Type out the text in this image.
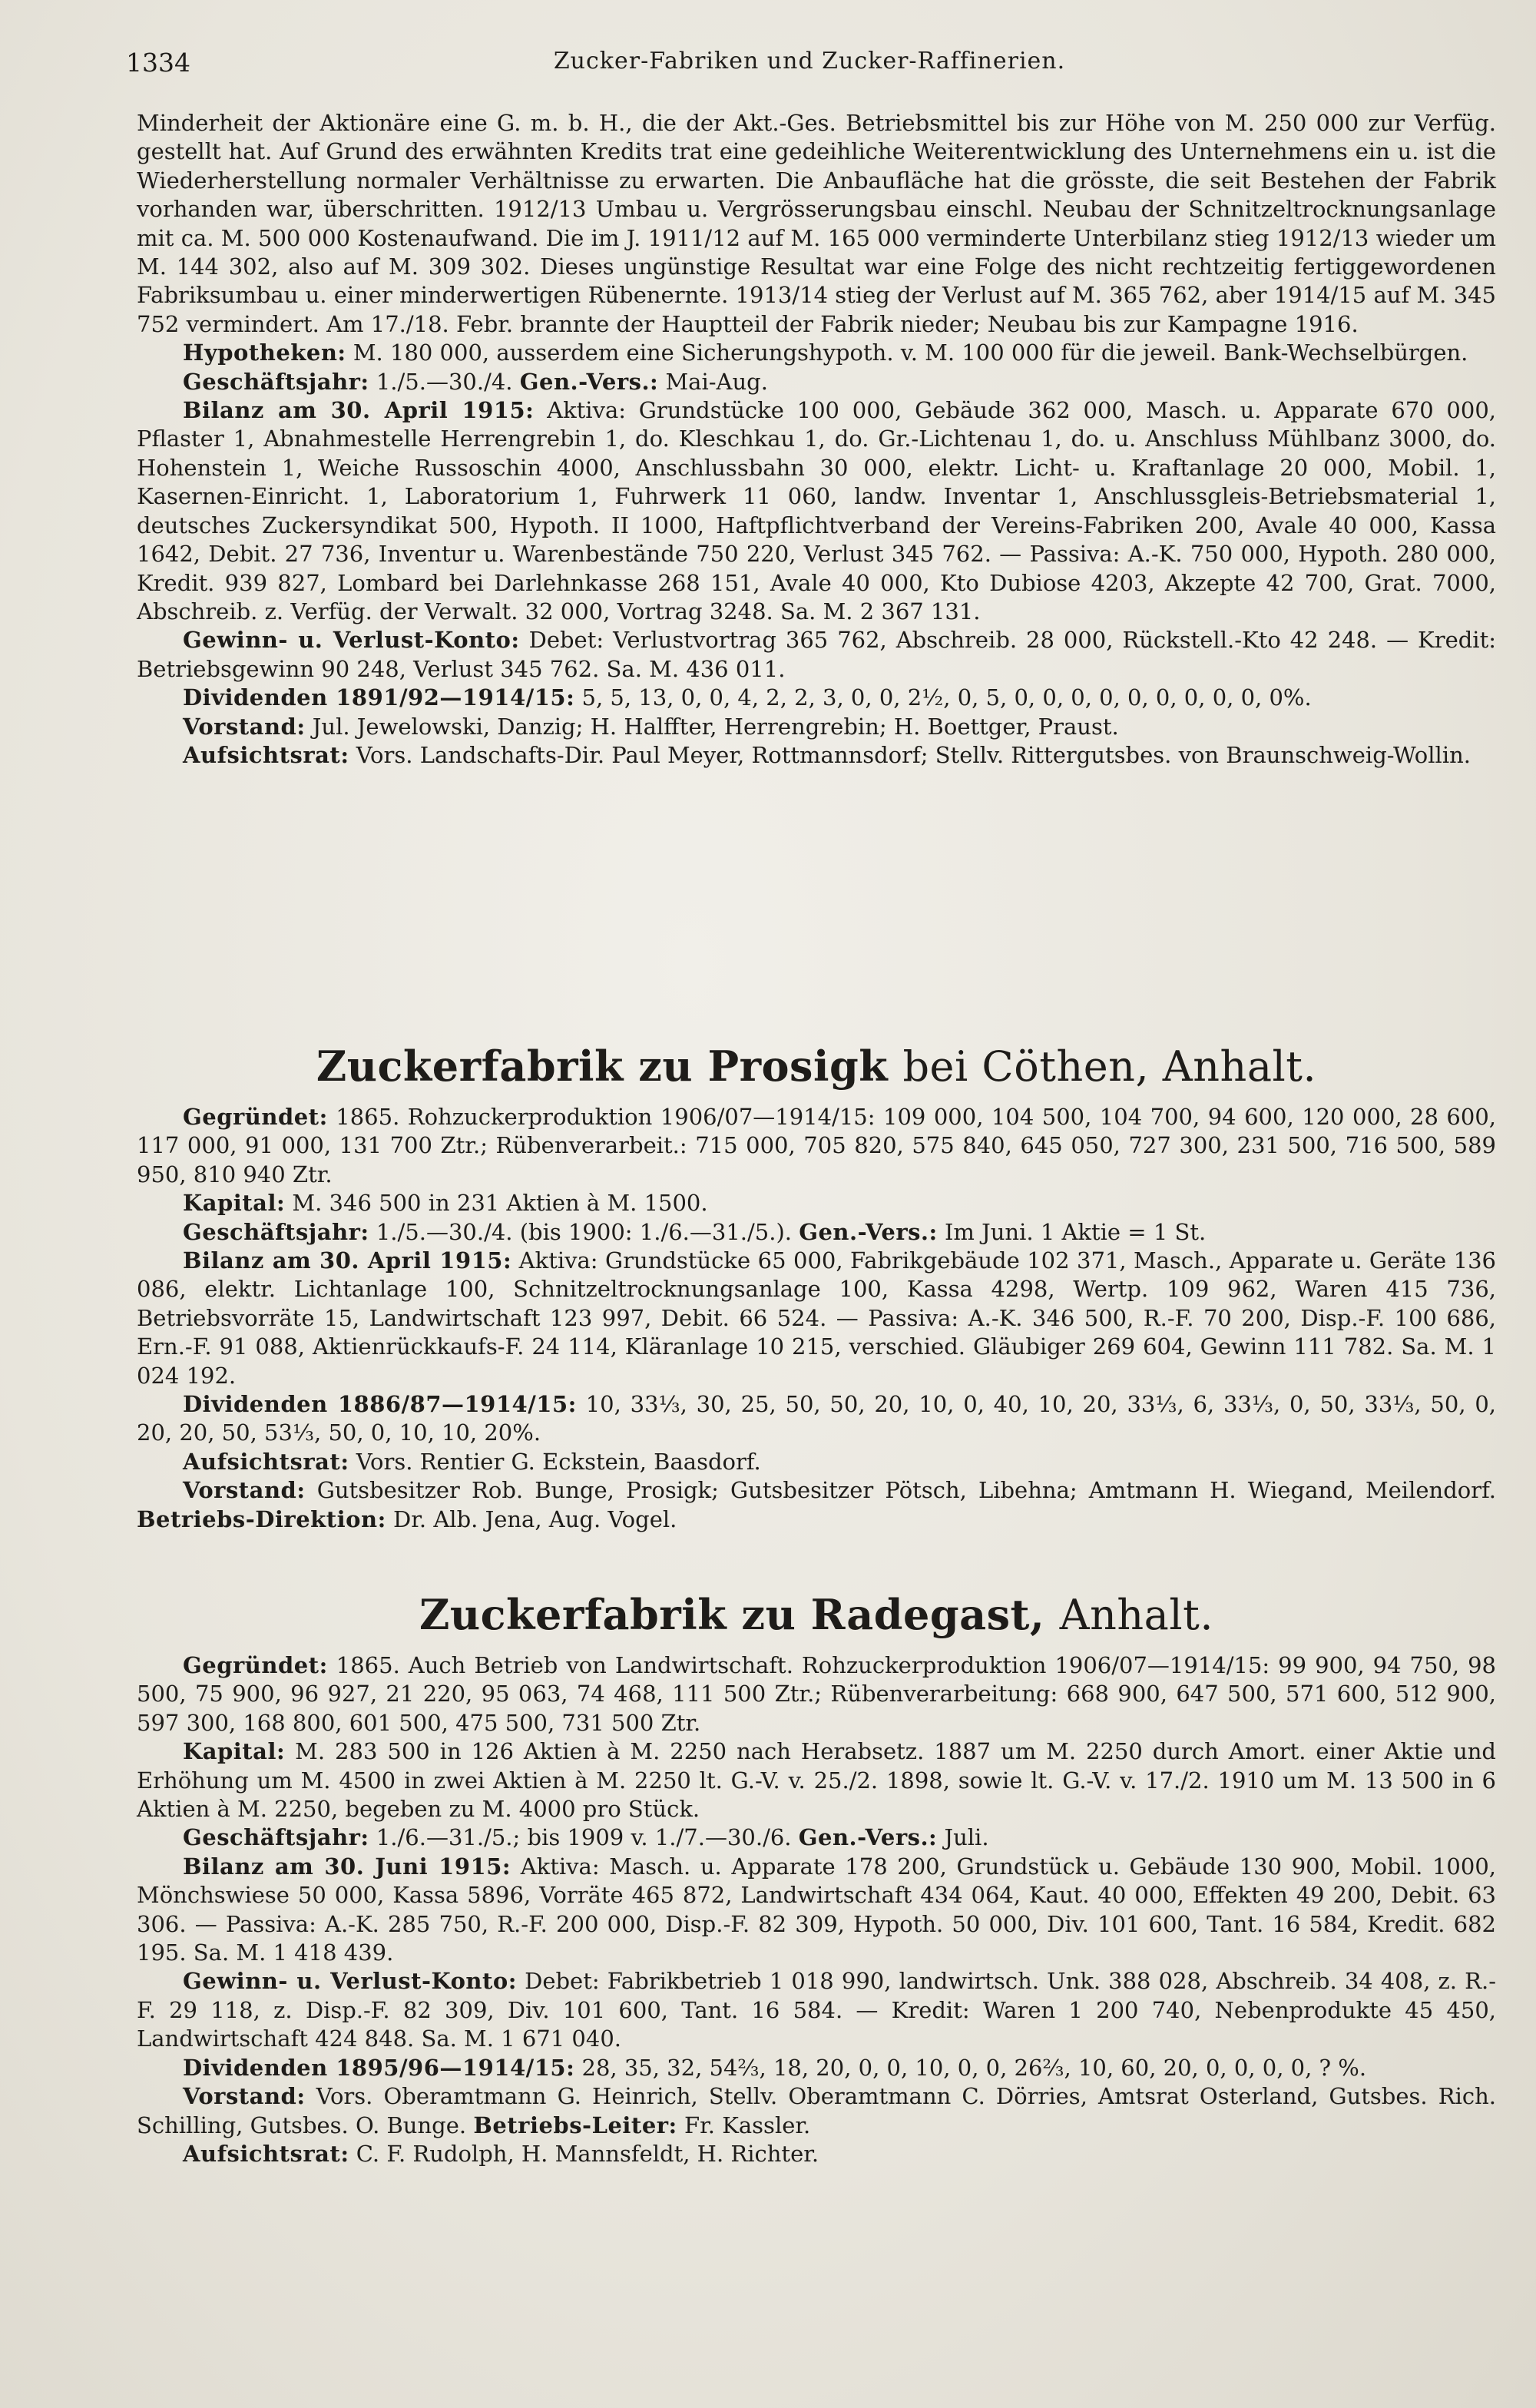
1334	Zucker-Fabriken und Zucker-Raffinerien.

Minderheit der Aktionäre eine G. m. b. H., die der Akt.-Ges. Betriebsmittel bis zur Höhe von M. 250 000 zur Verfüg. gestellt hat. Auf Grund des erwähnten Kredits trat eine gedeihliche Weiterentwicklung des Unternehmens ein u. ist die Wiederherstellung normaler Verhältnisse zu erwarten. Die Anbaufläche hat die grösste, die seit Bestehen der Fabrik vorhanden war, überschritten. 1912/13 Umbau u. Vergrösserungsbau einschl. Neubau der Schnitzeltrocknungsanlage mit ca. M. 500 000 Kostenaufwand. Die im J. 1911/12 auf M. 165 000 verminderte Unterbilanz stieg 1912/13 wieder um M. 144 302, also auf M. 309 302. Dieses ungünstige Resultat war eine Folge des nicht rechtzeitig fertiggewordenen Fabriksumbau u. einer minderwertigen Rübenernte. 1913/14 stieg der Verlust auf M. 365 762, aber 1914/15 auf M. 345 752 vermindert. Am 17./18. Febr. brannte der Hauptteil der Fabrik nieder; Neubau bis zur Kampagne 1916.

Hypotheken: M. 180 000, ausserdem eine Sicherungshypoth. v. M. 100 000 für die jeweil. Bank-Wechselbürgen.

Geschäftsjahr: 1./5.—30./4. Gen.-Vers.: Mai-Aug.

Bilanz am 30. April 1915: Aktiva: Grundstücke 100 000, Gebäude 362 000, Masch. u. Apparate 670 000, Pflaster 1, Abnahmestelle Herrengrebin 1, do. Kleschkau 1, do. Gr.-Lichtenau 1, do. u. Anschluss Mühlbanz 3000, do. Hohenstein 1, Weiche Russoschin 4000, Anschlussbahn 30 000, elektr. Licht- u. Kraftanlage 20 000, Mobil. 1, Kasernen-Einricht. 1, Laboratorium 1, Fuhrwerk 11 060, landw. Inventar 1, Anschlussgleis-Betriebsmaterial 1, deutsches Zuckersyndikat 500, Hypoth. II 1000, Haftpflichtverband der Vereins-Fabriken 200, Avale 40 000, Kassa 1642, Debit. 27 736, Inventur u. Warenbestände 750 220, Verlust 345 762. — Passiva: A.-K. 750 000, Hypoth. 280 000, Kredit. 939 827, Lombard bei Darlehnkasse 268 151, Avale 40 000, Kto Dubiose 4203, Akzepte 42 700, Grat. 7000, Abschreib. z. Verfüg. der Verwalt. 32 000, Vortrag 3248. Sa. M. 2 367 131.

Gewinn- u. Verlust-Konto: Debet: Verlustvortrag 365 762, Abschreib. 28 000, Rückstell.-Kto 42 248. — Kredit: Betriebsgewinn 90 248, Verlust 345 762. Sa. M. 436 011.

Dividenden 1891/92—1914/15: 5, 5, 13, 0, 0, 4, 2, 2, 3, 0, 0, 2½, 0, 5, 0, 0, 0, 0, 0, 0, 0, 0, 0, 0%.

Vorstand: Jul. Jewelowski, Danzig; H. Halffter, Herrengrebin; H. Boettger, Praust.

Aufsichtsrat: Vors. Landschafts-Dir. Paul Meyer, Rottmannsdorf; Stellv. Rittergutsbes. von Braunschweig-Wollin.

Zuckerfabrik zu Prosigk bei Cöthen, Anhalt.

Gegründet: 1865. Rohzuckerproduktion 1906/07—1914/15: 109 000, 104 500, 104 700, 94 600, 120 000, 28 600, 117 000, 91 000, 131 700 Ztr.; Rübenverarbeit.: 715 000, 705 820, 575 840, 645 050, 727 300, 231 500, 716 500, 589 950, 810 940 Ztr.

Kapital: M. 346 500 in 231 Aktien à M. 1500.

Geschäftsjahr: 1./5.—30./4. (bis 1900: 1./6.—31./5.). Gen.-Vers.: Im Juni. 1 Aktie = 1 St.

Bilanz am 30. April 1915: Aktiva: Grundstücke 65 000, Fabrikgebäude 102 371, Masch., Apparate u. Geräte 136 086, elektr. Lichtanlage 100, Schnitzeltrocknungsanlage 100, Kassa 4298, Wertp. 109 962, Waren 415 736, Betriebsvorräte 15, Landwirtschaft 123 997, Debit. 66 524. — Passiva: A.-K. 346 500, R.-F. 70 200, Disp.-F. 100 686, Ern.-F. 91 088, Aktienrückkaufs-F. 24 114, Kläranlage 10 215, verschied. Gläubiger 269 604, Gewinn 111 782. Sa. M. 1 024 192.

Dividenden 1886/87—1914/15: 10, 33⅓, 30, 25, 50, 50, 20, 10, 0, 40, 10, 20, 33⅓, 6, 33⅓, 0, 50, 33⅓, 50, 0, 20, 20, 50, 53⅓, 50, 0, 10, 10, 20%.

Aufsichtsrat: Vors. Rentier G. Eckstein, Baasdorf.

Vorstand: Gutsbesitzer Rob. Bunge, Prosigk; Gutsbesitzer Pötsch, Libehna; Amtmann H. Wiegand, Meilendorf. Betriebs-Direktion: Dr. Alb. Jena, Aug. Vogel.

Zuckerfabrik zu Radegast, Anhalt.

Gegründet: 1865. Auch Betrieb von Landwirtschaft. Rohzuckerproduktion 1906/07—1914/15: 99 900, 94 750, 98 500, 75 900, 96 927, 21 220, 95 063, 74 468, 111 500 Ztr.; Rübenverarbeitung: 668 900, 647 500, 571 600, 512 900, 597 300, 168 800, 601 500, 475 500, 731 500 Ztr.

Kapital: M. 283 500 in 126 Aktien à M. 2250 nach Herabsetz. 1887 um M. 2250 durch Amort. einer Aktie und Erhöhung um M. 4500 in zwei Aktien à M. 2250 lt. G.-V. v. 25./2. 1898, sowie lt. G.-V. v. 17./2. 1910 um M. 13 500 in 6 Aktien à M. 2250, begeben zu M. 4000 pro Stück.

Geschäftsjahr: 1./6.—31./5.; bis 1909 v. 1./7.—30./6. Gen.-Vers.: Juli.

Bilanz am 30. Juni 1915: Aktiva: Masch. u. Apparate 178 200, Grundstück u. Gebäude 130 900, Mobil. 1000, Mönchswiese 50 000, Kassa 5896, Vorräte 465 872, Landwirtschaft 434 064, Kaut. 40 000, Effekten 49 200, Debit. 63 306. — Passiva: A.-K. 285 750, R.-F. 200 000, Disp.-F. 82 309, Hypoth. 50 000, Div. 101 600, Tant. 16 584, Kredit. 682 195. Sa. M. 1 418 439.

Gewinn- u. Verlust-Konto: Debet: Fabrikbetrieb 1 018 990, landwirtsch. Unk. 388 028, Abschreib. 34 408, z. R.-F. 29 118, z. Disp.-F. 82 309, Div. 101 600, Tant. 16 584. — Kredit: Waren 1 200 740, Nebenprodukte 45 450, Landwirtschaft 424 848. Sa. M. 1 671 040.

Dividenden 1895/96—1914/15: 28, 35, 32, 54⅔, 18, 20, 0, 0, 10, 0, 0, 26⅔, 10, 60, 20, 0, 0, 0, 0, ? %.

Vorstand: Vors. Oberamtmann G. Heinrich, Stellv. Oberamtmann C. Dörries, Amtsrat Osterland, Gutsbes. Rich. Schilling, Gutsbes. O. Bunge. Betriebs-Leiter: Fr. Kassler.

Aufsichtsrat: C. F. Rudolph, H. Mannsfeldt, H. Richter.
